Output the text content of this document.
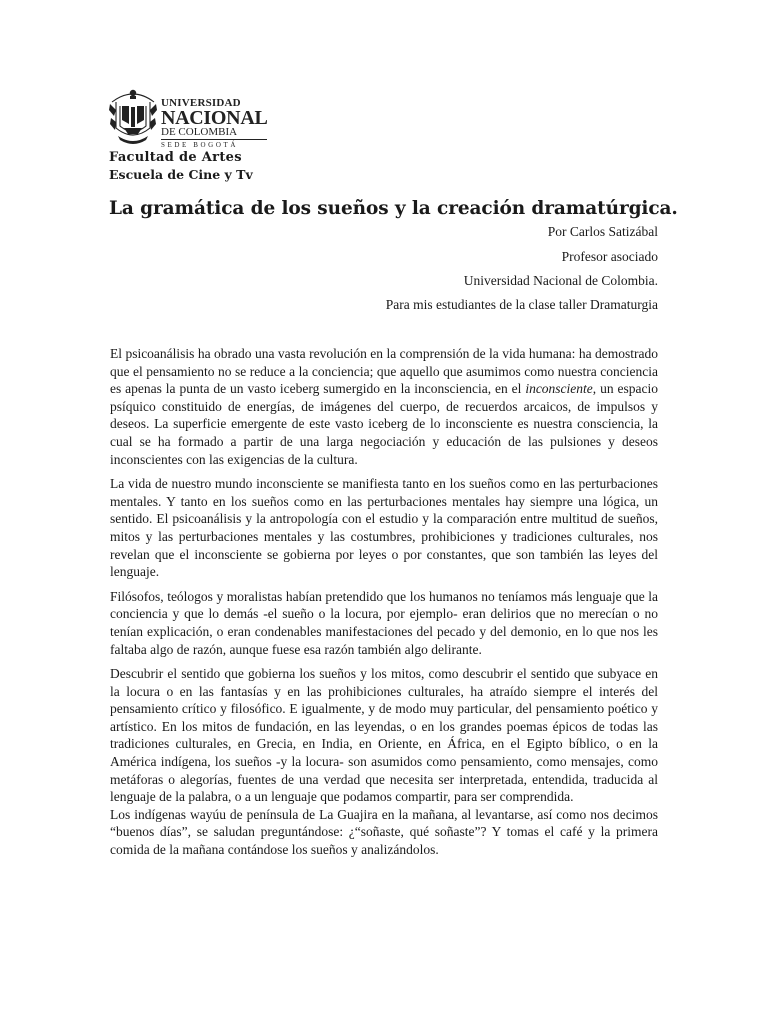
UNIVERSIDAD
NACIONAL
DE COLOMBIA
SEDE BOGOTÁ
Facultad de Artes
Escuela de Cine y Tv
La gramática de los sueños y la creación dramatúrgica.
Por Carlos Satizábal
Profesor asociado
Universidad Nacional de Colombia.
Para mis estudiantes de la clase taller Dramaturgia

El psicoanálisis ha obrado una vasta revolución en la comprensión de la vida humana: ha demostrado que el pensamiento no se reduce a la conciencia; que aquello que asumimos como nuestra conciencia es apenas la punta de un vasto iceberg sumergido en la inconsciencia, en el inconsciente, un espacio psíquico constituido de energías, de imágenes del cuerpo, de recuerdos arcaicos, de impulsos y deseos. La superficie emergente de este vasto iceberg de lo inconsciente es nuestra consciencia, la cual se ha formado a partir de una larga negociación y educación de las pulsiones y deseos inconscientes con las exigencias de la cultura.

La vida de nuestro mundo inconsciente se manifiesta tanto en los sueños como en las perturbaciones mentales. Y tanto en los sueños como en las perturbaciones mentales hay siempre una lógica, un sentido. El psicoanálisis y la antropología con el estudio y la comparación entre multitud de sueños, mitos y las perturbaciones mentales y las costumbres, prohibiciones y tradiciones culturales, nos revelan que el inconsciente se gobierna por leyes o por constantes, que son también las leyes del lenguaje.

Filósofos, teólogos y moralistas habían pretendido que los humanos no teníamos más lenguaje que la conciencia y que lo demás -el sueño o la locura, por ejemplo- eran delirios que no merecían o no tenían explicación, o eran condenables manifestaciones del pecado y del demonio, en lo que nos les faltaba algo de razón, aunque fuese esa razón también algo delirante.

Descubrir el sentido que gobierna los sueños y los mitos, como descubrir el sentido que subyace en la locura o en las fantasías y en las prohibiciones culturales, ha atraído siempre el interés del pensamiento crítico y filosófico. E igualmente, y de modo muy particular, del pensamiento poético y artístico. En los mitos de fundación, en las leyendas, o en los grandes poemas épicos de todas las tradiciones culturales, en Grecia, en India, en Oriente, en África, en el Egipto bíblico, o en la América indígena, los sueños -y la locura- son asumidos como pensamiento, como mensajes, como metáforas o alegorías, fuentes de una verdad que necesita ser interpretada, entendida, traducida al lenguaje de la palabra, o a un lenguaje que podamos compartir, para ser comprendida.

Los indígenas wayúu de península de La Guajira en la mañana, al levantarse, así como nos decimos “buenos días”, se saludan preguntándose: ¿“soñaste, qué soñaste”? Y tomas el café y la primera comida de la mañana contándose los sueños y analizándolos.
